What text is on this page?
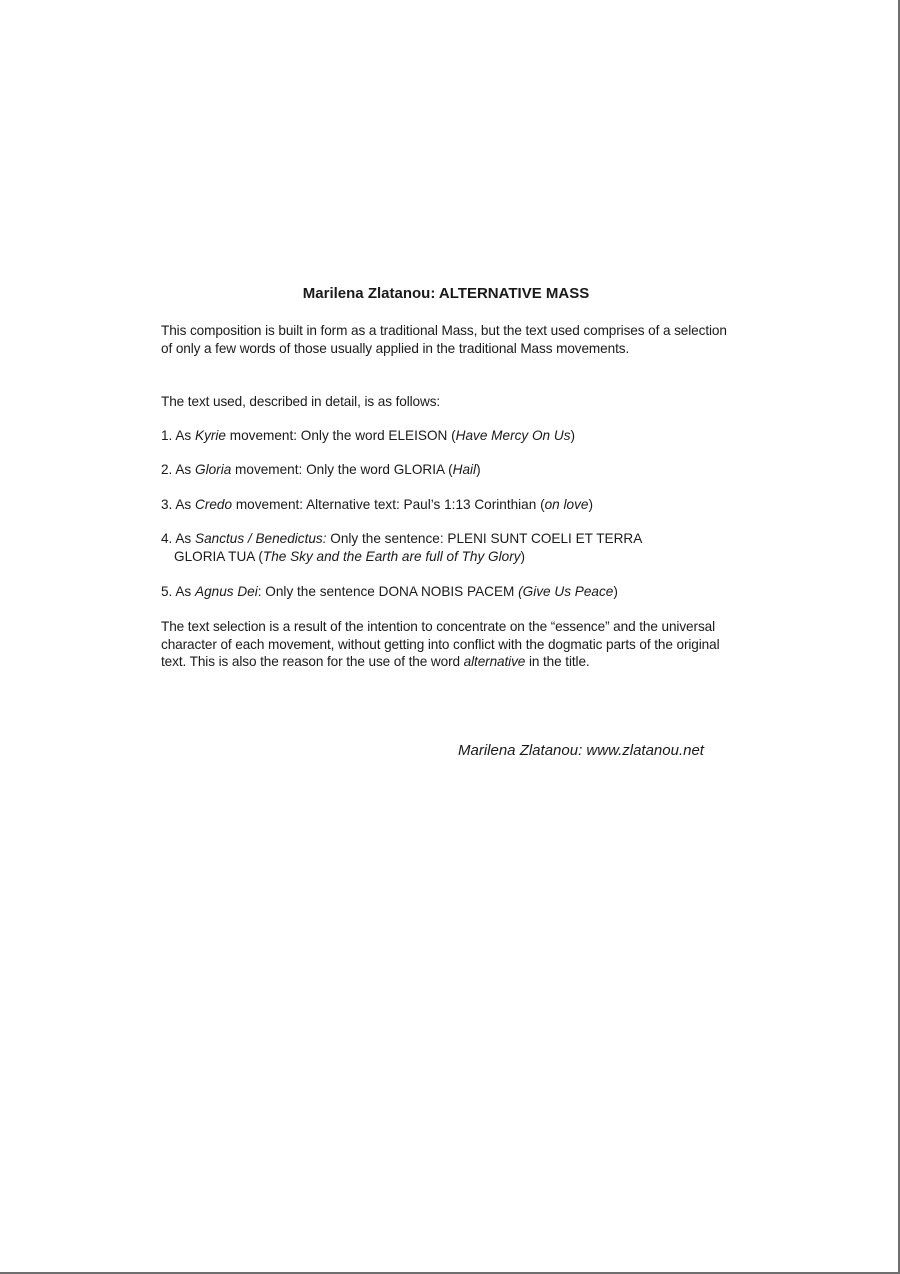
Marilena Zlatanou: ALTERNATIVE MASS

This composition is built in form as a traditional Mass, but the text used comprises of a selection of only a few words of those usually applied in the traditional Mass movements.

The text used, described in detail, is as follows:

1. As Kyrie movement: Only the word ELEISON (Have Mercy On Us)

2. As Gloria movement: Only the word GLORIA (Hail)

3. As Credo movement: Alternative text: Paul’s 1:13 Corinthian (on love)

4. As Sanctus / Benedictus: Only the sentence: PLENI SUNT COELI ET TERRA
GLORIA TUA (The Sky and the Earth are full of Thy Glory)

5. As Agnus Dei: Only the sentence DONA NOBIS PACEM (Give Us Peace)

The text selection is a result of the intention to concentrate on the “essence” and the universal character of each movement, without getting into conflict with the dogmatic parts of the original text. This is also the reason for the use of the word alternative in the title.

Marilena Zlatanou: www.zlatanou.net
